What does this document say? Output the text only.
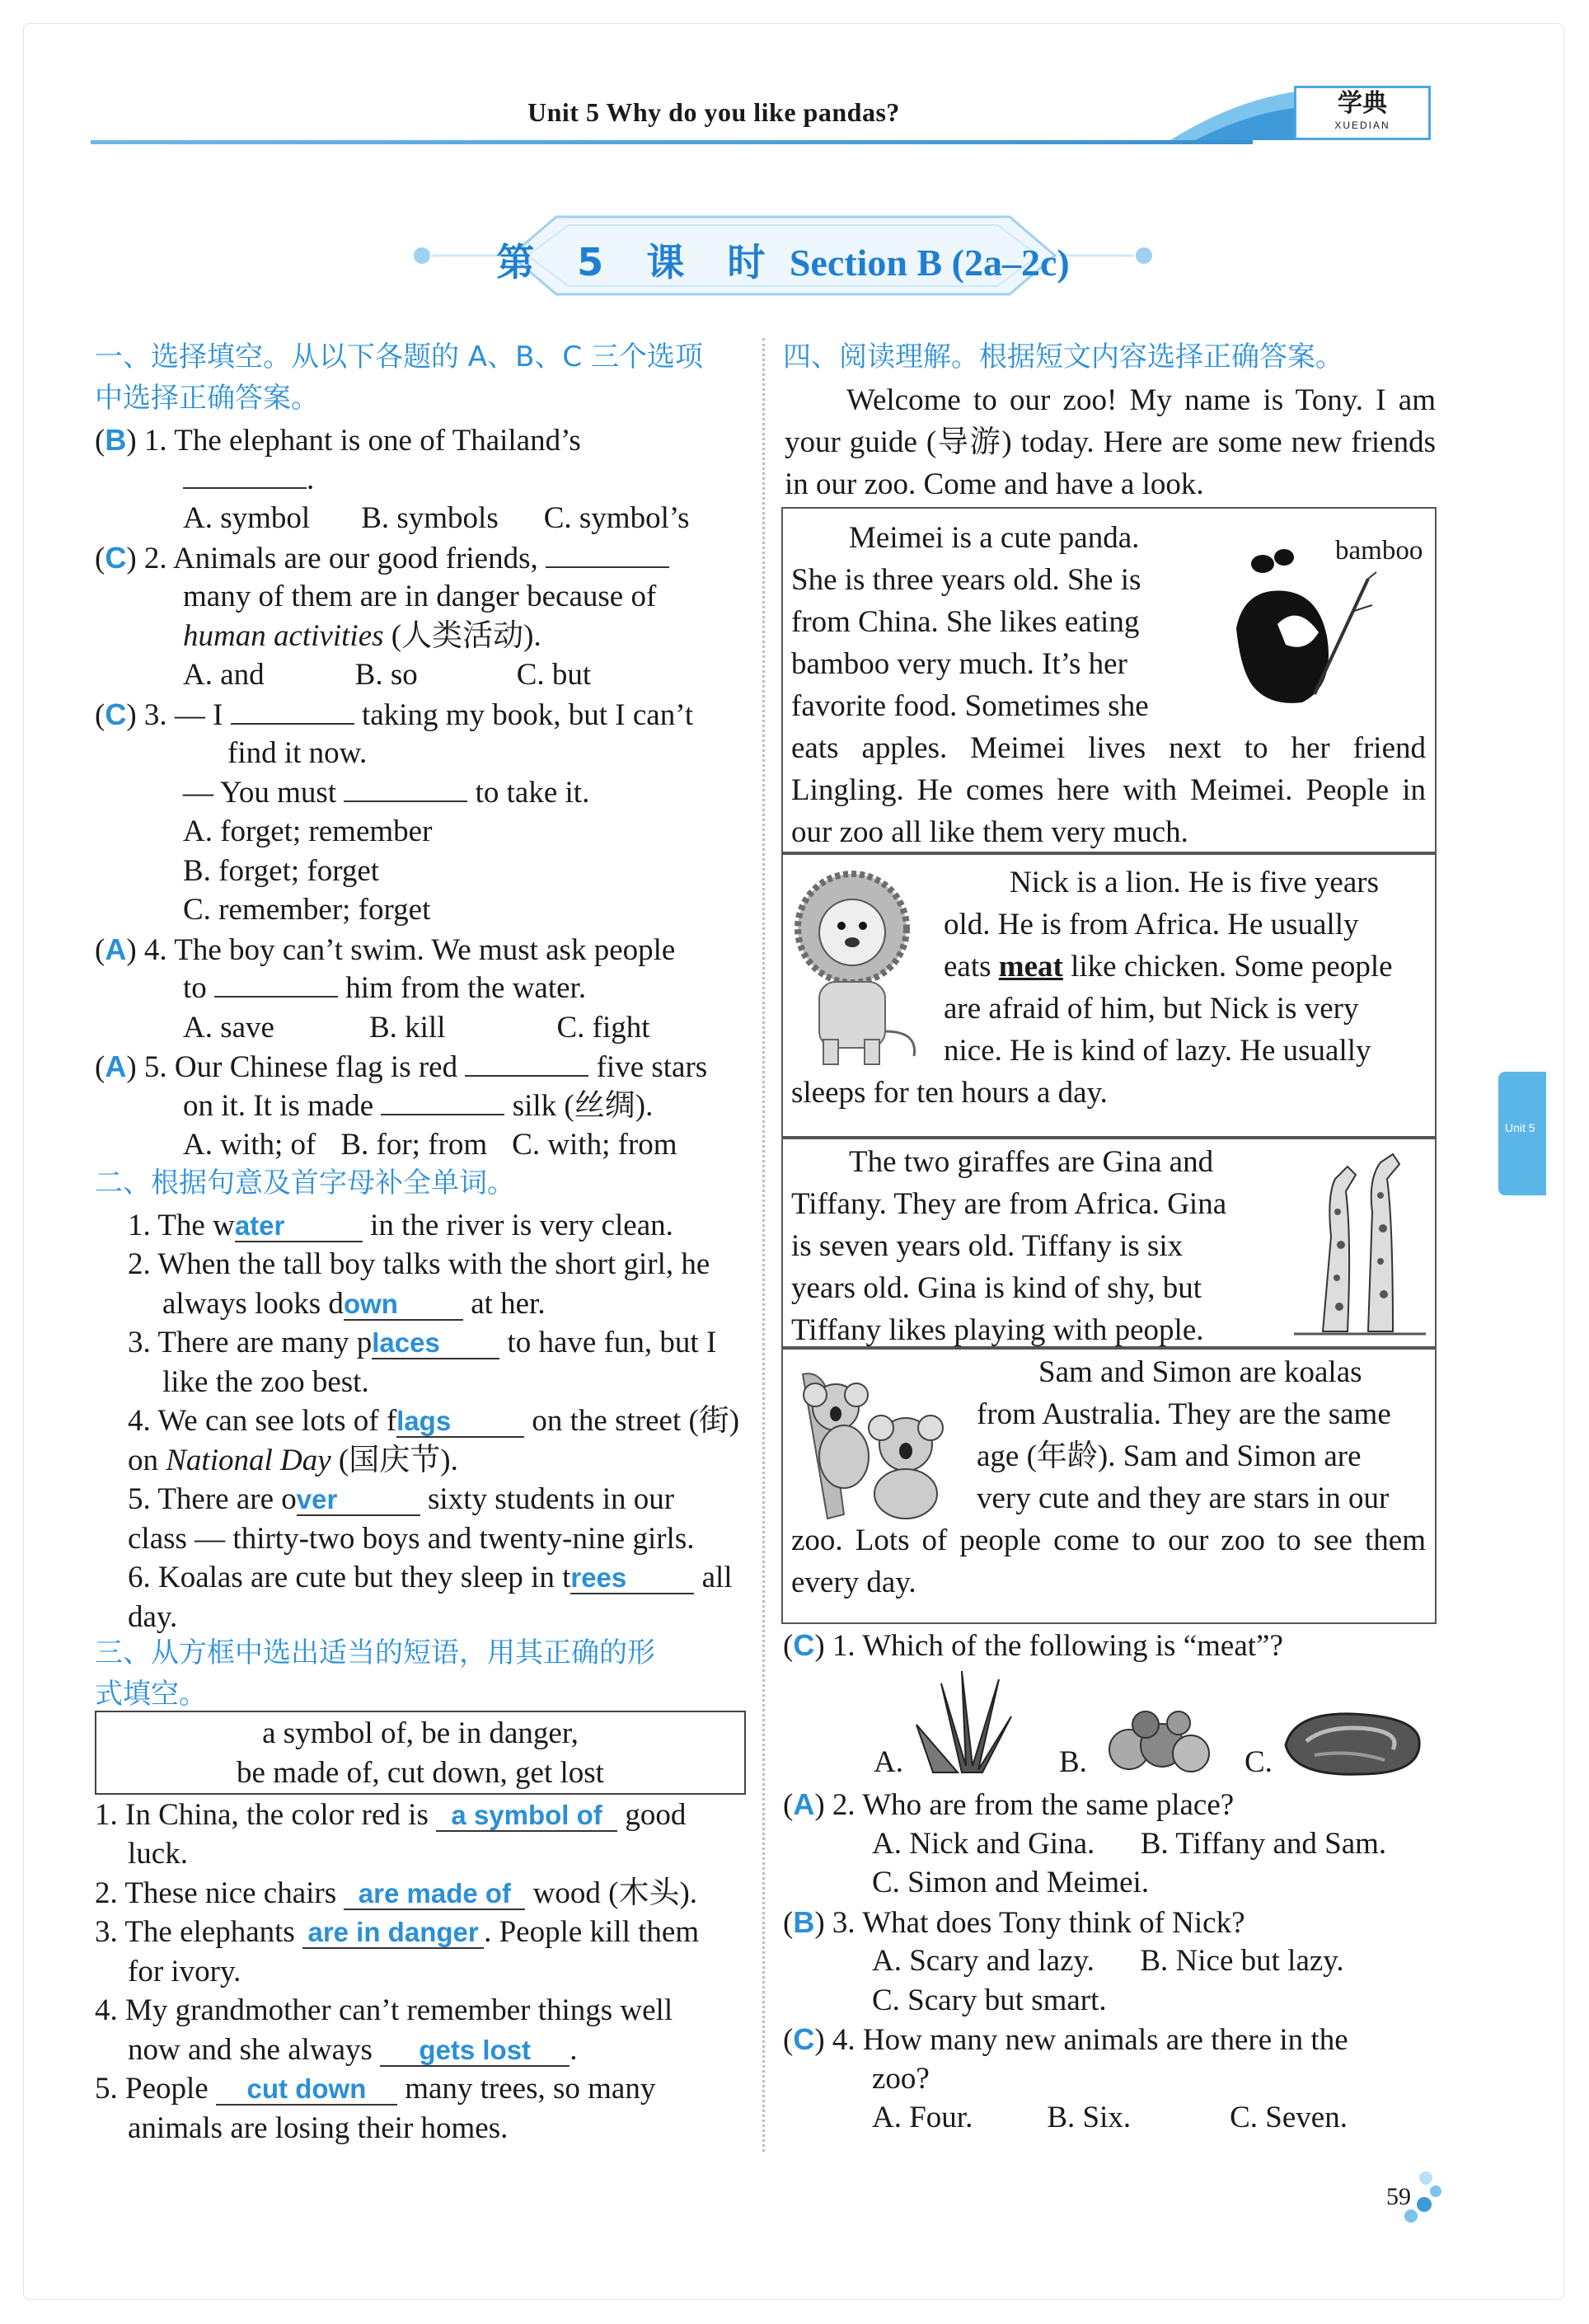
Unit 5 Why do you like pandas?	学典
XUEDIAN
第 5 课 时 Section B (2a–2c)
一、选择填空。从以下各题的 A、B、C 三个选项
中选择正确答案。
(B) 1. The elephant is one of Thailand’s
.
A. symbol B. symbols C. symbol’s
(C) 2. Animals are our good friends,
many of them are in danger because of
human activities (人类活动).
A. and	B. so	C. but
(C) 3. — I	taking my book, but I can’t
find it now.
— You must	to take it.
A. forget; remember
B. forget; forget
C. remember; forget
(A) 4. The boy can’t swim. We must ask people
to	him from the water.
A. save	B. kill	C. fight
(A) 5. Our Chinese flag is red	five stars
on it. It is made	silk (丝绸).
A. with; of B. for; from C. with; from
二、根据句意及首字母补全单词。
1. The water	in the river is very clean.
2. When the tall boy talks with the short girl, he
always looks down at her.
3. There are many places to have fun, but I
like the zoo best.
4. We can see lots of flags	on the street (街)
on National Day (国庆节).
5. There are over	sixty students in our
class — thirty-two boys and twenty-nine girls.
6. Koalas are cute but they sleep in trees all
day.
三、从方框中选出适当的短语，用其正确的形
式填空。
a symbol of, be in danger,
be made of, cut down, get lost
1. In China, the color red is a symbol of good
luck.
2. These nice chairs are made of wood (木头).
3. The elephants are in danger . People kill them
for ivory.
4. My grandmother can’t remember things well
now and she always gets lost .
5. People cut down many trees, so many
animals are losing their homes.
四、阅读理解。根据短文内容选择正确答案。
Welcome to our zoo! My name is Tony. I am your guide (导游) today. Here are some new friends in our zoo. Come and have a look.
Meimei is a cute panda.
She is three years old. She is
from China. She likes eating
bamboo very much. It’s her
favorite food. Sometimes she
eats apples. Meimei lives next to her friend Lingling. He comes here with Meimei. People in our zoo all like them very much.
bamboo
Nick is a lion. He is five years
old. He is from Africa. He usually
eats meat like chicken. Some people
are afraid of him, but Nick is very
nice. He is kind of lazy. He usually
sleeps for ten hours a day.
The two giraffes are Gina and
Tiffany. They are from Africa. Gina
is seven years old. Tiffany is six
years old. Gina is kind of shy, but
Tiffany likes playing with people.
Sam and Simon are koalas
from Australia. They are the same
age (年龄). Sam and Simon are
very cute and they are stars in our
zoo. Lots of people come to our zoo to see them every day.
(C) 1. Which of the following is “meat”?
A.	B.	C.
(A) 2. Who are from the same place?
A. Nick and Gina.      B. Tiffany and Sam.
C. Simon and Meimei.
(B) 3. What does Tony think of Nick?
A. Scary and lazy.      B. Nice but lazy.
C. Scary but smart.
(C) 4. How many new animals are there in the
zoo?
A. Four. B. Six.	C. Seven.
Unit 5
59
